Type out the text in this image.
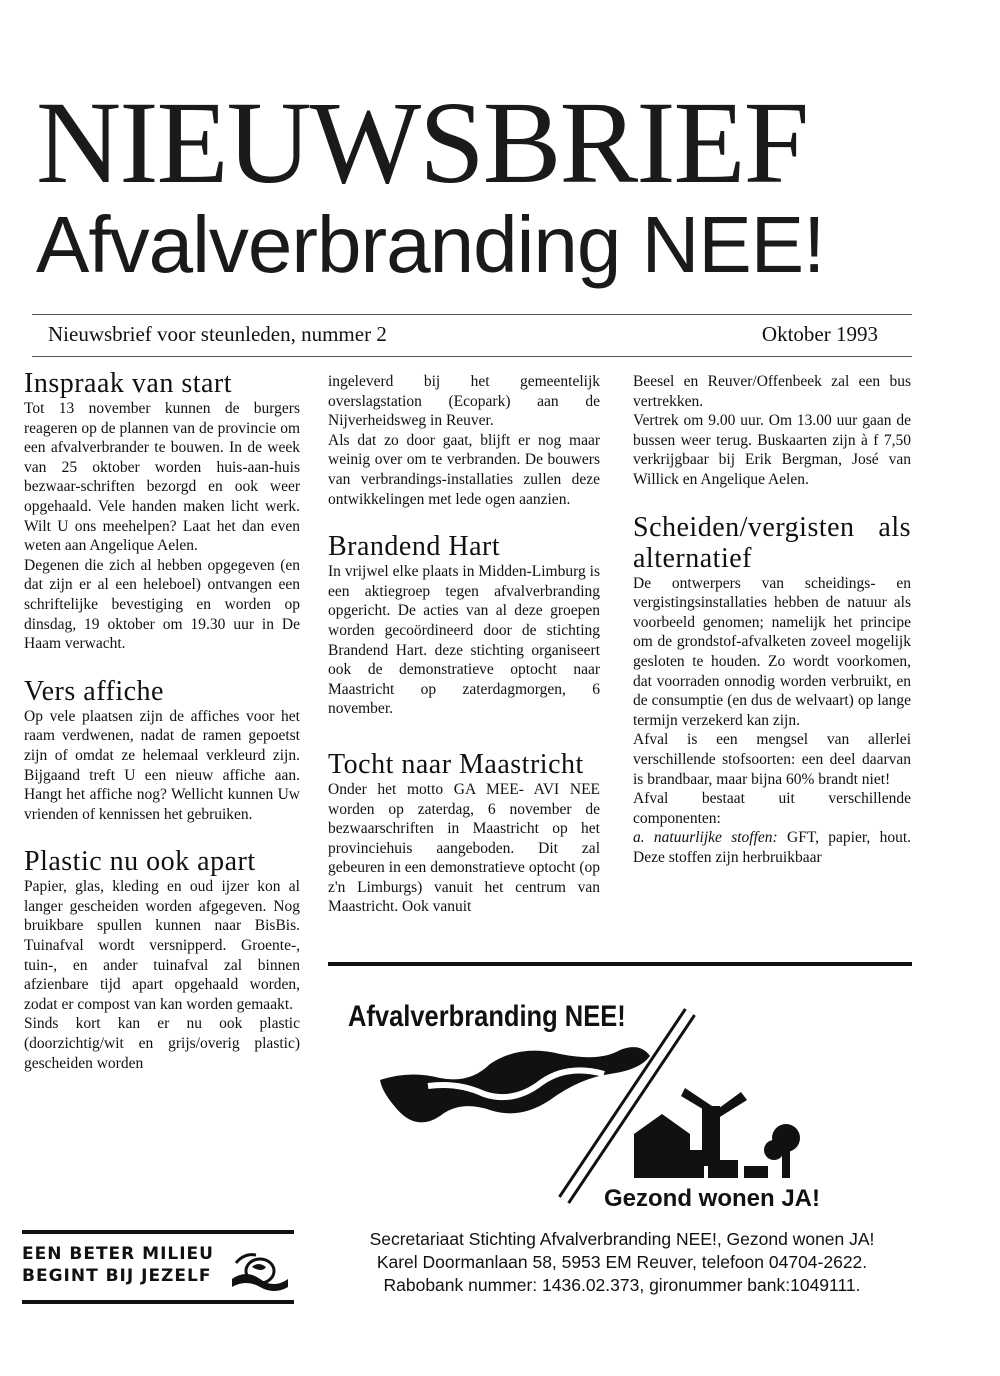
NIEUWSBRIEF
Afvalverbranding NEE!
Nieuwsbrief voor steunleden, nummer 2	Oktober 1993
Inspraak van start

Tot 13 november kunnen de burgers reageren op de plannen van de provincie om een afvalverbrander te bouwen. In de week van 25 oktober worden huis-aan-huis bezwaar-schriften bezorgd en ook weer opgehaald. Vele handen maken licht werk. Wilt U ons meehelpen? Laat het dan even weten aan Angelique Aelen.

Degenen die zich al hebben opgegeven (en dat zijn er al een heleboel) ontvangen een schriftelijke bevestiging en worden op dinsdag, 19 oktober om 19.30 uur in De Haam verwacht.

Vers affiche

Op vele plaatsen zijn de affiches voor het raam verdwenen, nadat de ramen gepoetst zijn of omdat ze helemaal verkleurd zijn. Bijgaand treft U een nieuw affiche aan. Hangt het affiche nog? Wellicht kunnen Uw vrienden of kennissen het gebruiken.

Plastic nu ook apart

Papier, glas, kleding en oud ijzer kon al langer gescheiden worden afgegeven. Nog bruikbare spullen kunnen naar BisBis. Tuinafval wordt versnipperd. Groente-, tuin-, en ander tuinafval zal binnen afzienbare tijd apart opgehaald worden, zodat er compost van kan worden gemaakt.

Sinds kort kan er nu ook plastic (doorzichtig/wit en grijs/overig plastic) gescheiden worden

ingeleverd bij het gemeentelijk overslagstation (Ecopark) aan de Nijverheidsweg in Reuver.

Als dat zo door gaat, blijft er nog maar weinig over om te verbranden. De bouwers van verbrandings-installaties zullen deze ontwikkelingen met lede ogen aanzien.

Brandend Hart

In vrijwel elke plaats in Midden-Limburg is een aktiegroep tegen afvalverbranding opgericht. De acties van al deze groepen worden gecoördineerd door de stichting Brandend Hart. deze stichting organiseert ook de demonstratieve optocht naar Maastricht op zaterdagmorgen, 6 november.

Tocht naar Maastricht

Onder het motto GA MEE- AVI NEE worden op zaterdag, 6 november de bezwaarschriften in Maastricht op het provinciehuis aangeboden. Dit zal gebeuren in een demonstratieve optocht (op z'n Limburgs) vanuit het centrum van Maastricht. Ook vanuit

Beesel en Reuver/Offenbeek zal een bus vertrekken.

Vertrek om 9.00 uur. Om 13.00 uur gaan de bussen weer terug. Buskaarten zijn à f 7,50 verkrijgbaar bij Erik Bergman, José van Willick en Angelique Aelen.

Scheiden/vergisten als alternatief

De ontwerpers van scheidings- en vergistingsinstallaties hebben de natuur als voorbeeld genomen; namelijk het principe om de grondstof-afvalketen zoveel mogelijk gesloten te houden. Zo wordt voorkomen, dat voorraden onnodig worden verbruikt, en de consumptie (en dus de welvaart) op lange termijn verzekerd kan zijn.

Afval is een mengsel van allerlei verschillende stofsoorten: een deel daarvan is brandbaar, maar bijna 60% brandt niet!

Afval bestaat uit verschillende componenten:

a. natuurlijke stoffen: GFT, papier, hout. Deze stoffen zijn herbruikbaar

EEN BETER MILIEU
BEGINT BIJ JEZELF
Afvalverbranding NEE!
Gezond wonen JA!
Secretariaat Stichting Afvalverbranding NEE!, Gezond wonen JA!
Karel Doormanlaan 58, 5953 EM Reuver, telefoon 04704-2622.
Rabobank nummer: 1436.02.373, gironummer bank:1049111.
